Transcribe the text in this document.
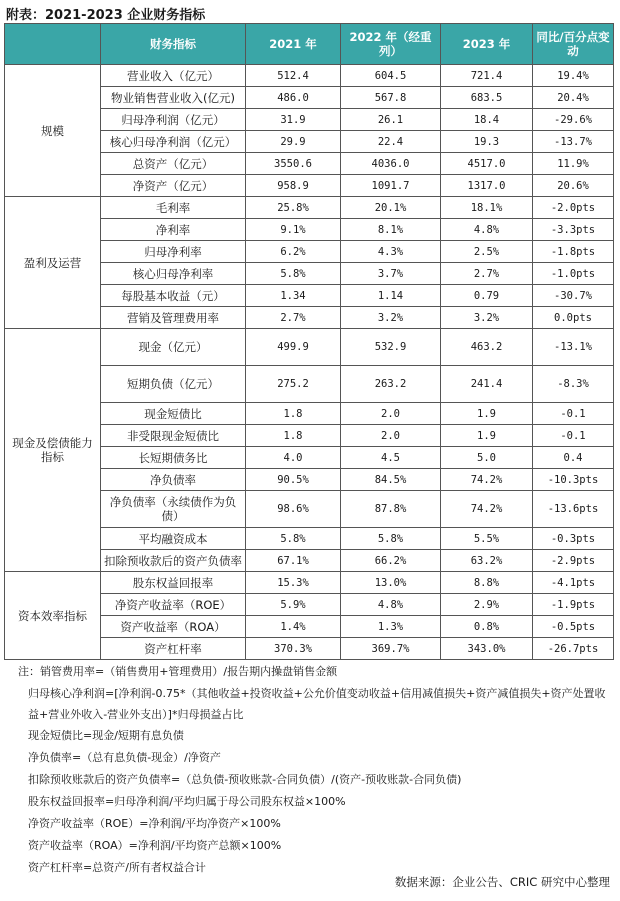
附表：2021-2023 企业财务指标
	财务指标	2021 年	2022 年（经重列）	2023 年	同比/百分点变动
规模	营业收入（亿元）	512.4	604.5	721.4	19.4%
	物业销售营业收入(亿元)	486.0	567.8	683.5	20.4%
	归母净利润（亿元）	31.9	26.1	18.4	-29.6%
	核心归母净利润（亿元）	29.9	22.4	19.3	-13.7%
	总资产（亿元）	3550.6	4036.0	4517.0	11.9%
	净资产（亿元）	958.9	1091.7	1317.0	20.6%
盈利及运营	毛利率	25.8%	20.1%	18.1%	-2.0pts
	净利率	9.1%	8.1%	4.8%	-3.3pts
	归母净利率	6.2%	4.3%	2.5%	-1.8pts
	核心归母净利率	5.8%	3.7%	2.7%	-1.0pts
	每股基本收益（元）	1.34	1.14	0.79	-30.7%
	营销及管理费用率	2.7%	3.2%	3.2%	0.0pts
现金及偿债能力指标	现金（亿元）	499.9	532.9	463.2	-13.1%
	短期负债（亿元）	275.2	263.2	241.4	-8.3%
	现金短债比	1.8	2.0	1.9	-0.1
	非受限现金短债比	1.8	2.0	1.9	-0.1
	长短期债务比	4.0	4.5	5.0	0.4
	净负债率	90.5%	84.5%	74.2%	-10.3pts
	净负债率（永续债作为负债）	98.6%	87.8%	74.2%	-13.6pts
	平均融资成本	5.8%	5.8%	5.5%	-0.3pts
	扣除预收款后的资产负债率	67.1%	66.2%	63.2%	-2.9pts
资本效率指标	股东权益回报率	15.3%	13.0%	8.8%	-4.1pts
	净资产收益率（ROE）	5.9%	4.8%	2.9%	-1.9pts
	资产收益率（ROA）	1.4%	1.3%	0.8%	-0.5pts
	资产杠杆率	370.3%	369.7%	343.0%	-26.7pts
注：销管费用率=（销售费用+管理费用）/报告期内操盘销售金额
归母核心净利润=[净利润-0.75*（其他收益+投资收益+公允价值变动收益+信用减值损失+资产减值损失+资产处置收益+营业外收入-营业外支出）]*归母损益占比
现金短债比=现金/短期有息负债
净负债率=（总有息负债-现金）/净资产
扣除预收账款后的资产负债率=（总负债-预收账款-合同负债）/(资产-预收账款-合同负债)
股东权益回报率=归母净利润/平均归属于母公司股东权益×100%
净资产收益率（ROE）=净利润/平均净资产×100%
资产收益率（ROA）=净利润/平均资产总额×100%
资产杠杆率=总资产/所有者权益合计
数据来源：企业公告、CRIC 研究中心整理
